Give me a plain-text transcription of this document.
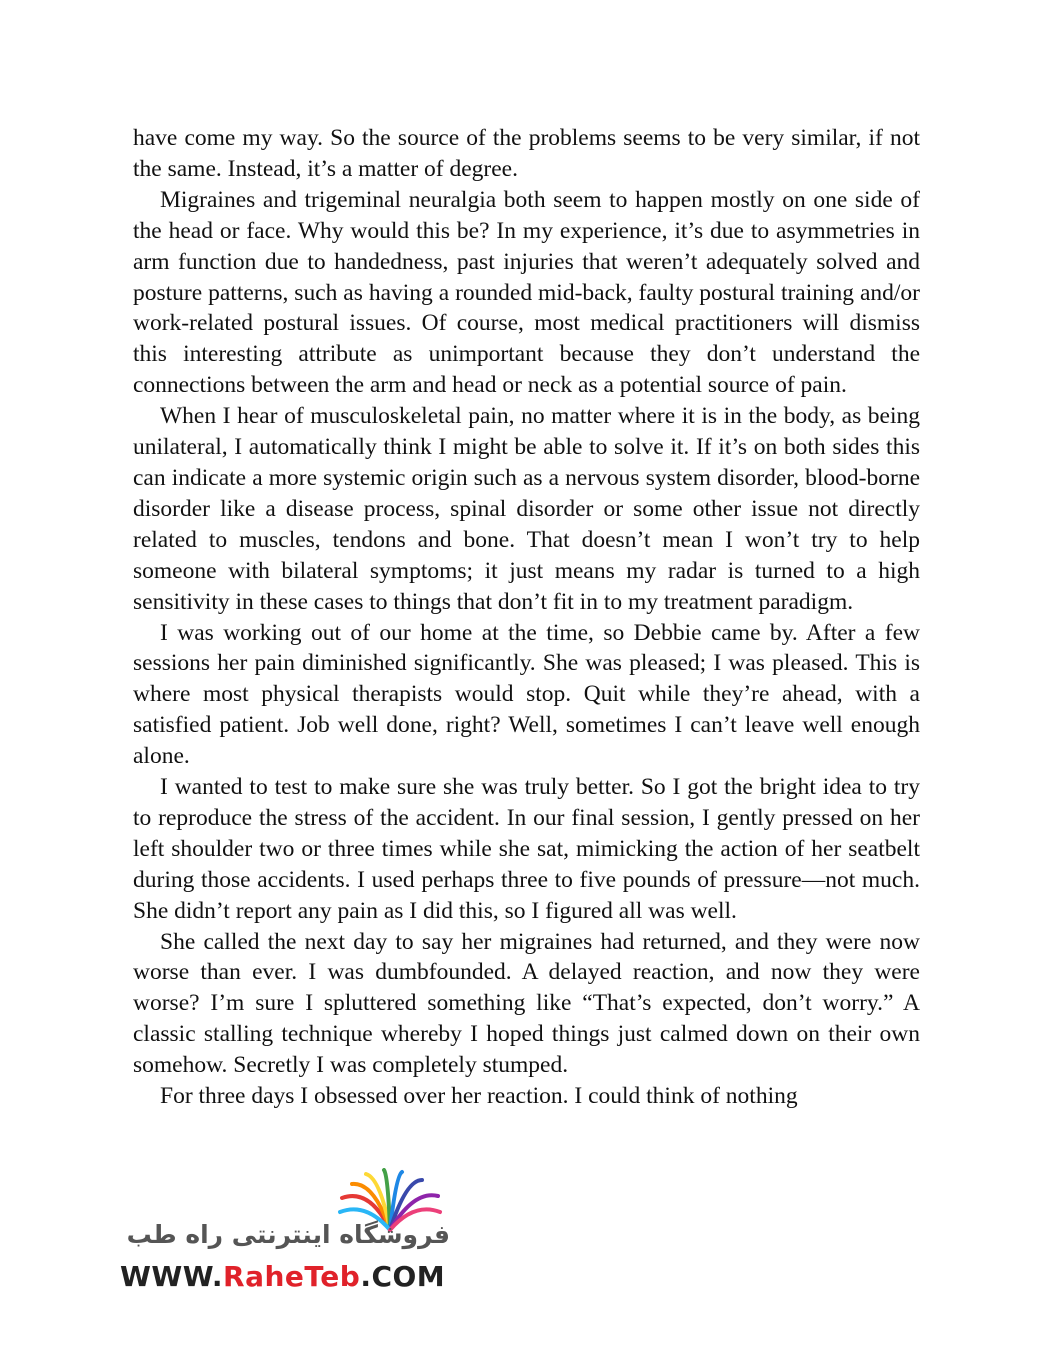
have come my way. So the source of the problems seems to be very similar, if not the same. Instead, it’s a matter of degree.

Migraines and trigeminal neuralgia both seem to happen mostly on one side of the head or face. Why would this be? In my experience, it’s due to asymmetries in arm function due to handedness, past injuries that weren’t adequately solved and posture patterns, such as having a rounded mid-back, faulty postural training and/or work-related postural issues. Of course, most medical practitioners will dismiss this interesting attribute as unimportant because they don’t understand the connections between the arm and head or neck as a potential source of pain.

When I hear of musculoskeletal pain, no matter where it is in the body, as being unilateral, I automatically think I might be able to solve it. If it’s on both sides this can indicate a more systemic origin such as a nervous system disorder, blood-borne disorder like a disease process, spinal disorder or some other issue not directly related to muscles, tendons and bone. That doesn’t mean I won’t try to help someone with bilateral symptoms; it just means my radar is turned to a high sensitivity in these cases to things that don’t fit in to my treatment paradigm.

I was working out of our home at the time, so Debbie came by. After a few sessions her pain diminished significantly. She was pleased; I was pleased. This is where most physical therapists would stop. Quit while they’re ahead, with a satisfied patient. Job well done, right? Well, sometimes I can’t leave well enough alone.

I wanted to test to make sure she was truly better. So I got the bright idea to try to reproduce the stress of the accident. In our final session, I gently pressed on her left shoulder two or three times while she sat, mimicking the action of her seatbelt during those accidents. I used perhaps three to five pounds of pressure—not much. She didn’t report any pain as I did this, so I figured all was well.

She called the next day to say her migraines had returned, and they were now worse than ever. I was dumbfounded. A delayed reaction, and now they were worse? I’m sure I spluttered something like “That’s expected, don’t worry.” A classic stalling technique whereby I hoped things just calmed down on their own somehow. Secretly I was completely stumped.

For three days I obsessed over her reaction. I could think of nothing

فروشگاه اینترنتی راه طب
WWW.RaheTeb.COM
